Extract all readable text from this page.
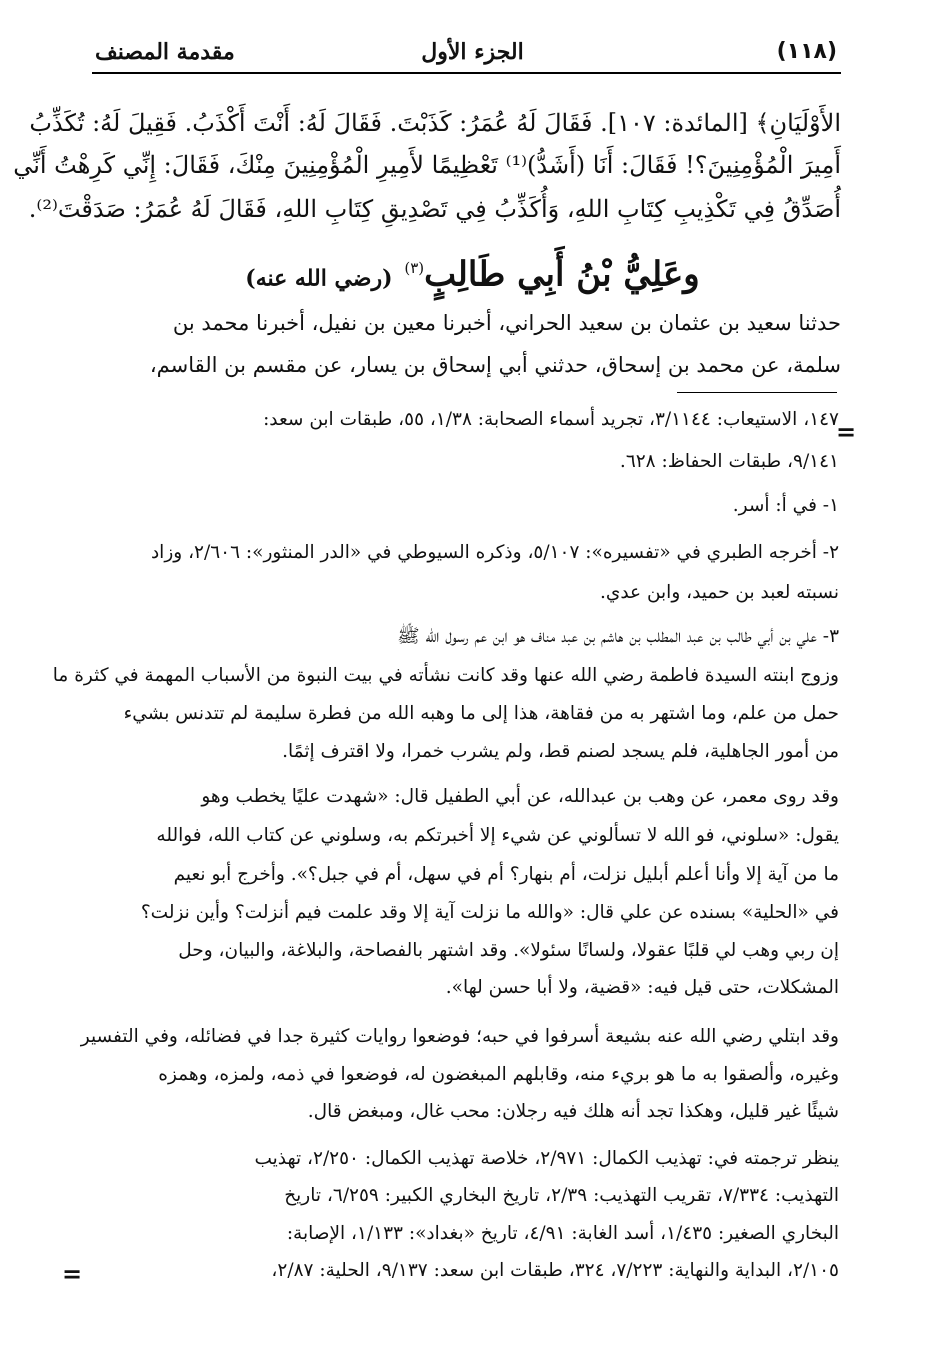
(١١٨)
الجزء الأول
مقدمة المصنف
الأَوْلَيَانِ﴾ [المائدة: ١٠٧]. فَقَالَ لَهُ عُمَرُ: كَذَبْتَ. فَقَالَ لَهُ: أَنْتَ أَكْذَبُ. فَقِيلَ لَهُ: تُكَذِّبُ
أَمِيرَ الْمُؤْمِنِينَ؟! فَقَالَ: أَنَا (أَشَدُّ)⁽¹⁾ تَعْظِيمًا لأَمِيرِ الْمُؤْمِنِينَ مِنْكَ، فَقَالَ: إِنِّي كَرِهْتُ أَنِّي
أُصَدِّقُ فِي تَكْذِيبِ كِتَابِ اللهِ، وَأُكَذِّبُ فِي تَصْدِيقِ كِتَابِ اللهِ، فَقَالَ لَهُ عُمَرُ: صَدَقْتَ⁽²⁾.
وعَلِيُّ بْنُ أَبِي طَالِبٍ$^{(٣)}$ (رضي الله عنه)
حدثنا سعيد بن عثمان بن سعيد الحراني، أخبرنا معين بن نفيل، أخبرنا محمد بن
سلمة، عن محمد بن إسحاق، حدثني أبي إسحاق بن يسار، عن مقسم بن القاسم،
=
١٤٧، الاستيعاب: ٣/١١٤٤، تجريد أسماء الصحابة: ١/٣٨، ٥٥، طبقات ابن سعد:
٩/١٤١، طبقات الحفاظ: ٦٢٨.
١- في أ: أسر.
٢- أخرجه الطبري في «تفسيره»: ٥/١٠٧، وذكره السيوطي في «الدر المنثور»: ٢/٦٠٦، وزاد
نسبته لعبد بن حميد، وابن عدي.
٣- علي بن أبي طالب بن عبد المطلب بن هاشم بن عبد مناف هو ابن عم رسول الله ﷺ
وزوج ابنته السيدة فاطمة رضي الله عنها وقد كانت نشأته في بيت النبوة من الأسباب المهمة في كثرة ما
حمل من علم، وما اشتهر به من فقاهة، هذا إلى ما وهبه الله من فطرة سليمة لم تتدنس بشيء
من أمور الجاهلية، فلم يسجد لصنم قط، ولم يشرب خمرا، ولا اقترف إثمًا.
وقد روى معمر، عن وهب بن عبدالله، عن أبي الطفيل قال: «شهدت عليًا يخطب وهو
يقول: «سلوني، فو الله لا تسألوني عن شيء إلا أخبرتكم به، وسلوني عن كتاب الله، فوالله
ما من آية إلا وأنا أعلم أبليل نزلت، أم بنهار؟ أم في سهل، أم في جبل؟». وأخرج أبو نعيم
في «الحلية» بسنده عن علي قال: «والله ما نزلت آية إلا وقد علمت فيم أنزلت؟ وأين نزلت؟
إن ربي وهب لي قلبًا عقولا، ولسانًا سئولا». وقد اشتهر بالفصاحة، والبلاغة، والبيان، وحل
المشكلات، حتى قيل فيه: «قضية، ولا أبا حسن لها».
وقد ابتلي رضي الله عنه بشيعة أسرفوا في حبه؛ فوضعوا روايات كثيرة جدا في فضائله، وفي التفسير
وغيره، وألصقوا به ما هو بريء منه، وقابلهم المبغضون له، فوضعوا في ذمه، ولمزه، وهمزه
شيئًا غير قليل، وهكذا تجد أنه هلك فيه رجلان: محب غال، ومبغض قال.
ينظر ترجمته في: تهذيب الكمال: ٢/٩٧١، خلاصة تهذيب الكمال: ٢/٢٥٠، تهذيب
التهذيب: ٧/٣٣٤، تقريب التهذيب: ٢/٣٩، تاريخ البخاري الكبير: ٦/٢٥٩، تاريخ
البخاري الصغير: ١/٤٣٥، أسد الغابة: ٤/٩١، تاريخ «بغداد»: ١/١٣٣، الإصابة:
٢/١٠٥، البداية والنهاية: ٧/٢٢٣، ٣٢٤، طبقات ابن سعد: ٩/١٣٧، الحلية: ٢/٨٧،
=
